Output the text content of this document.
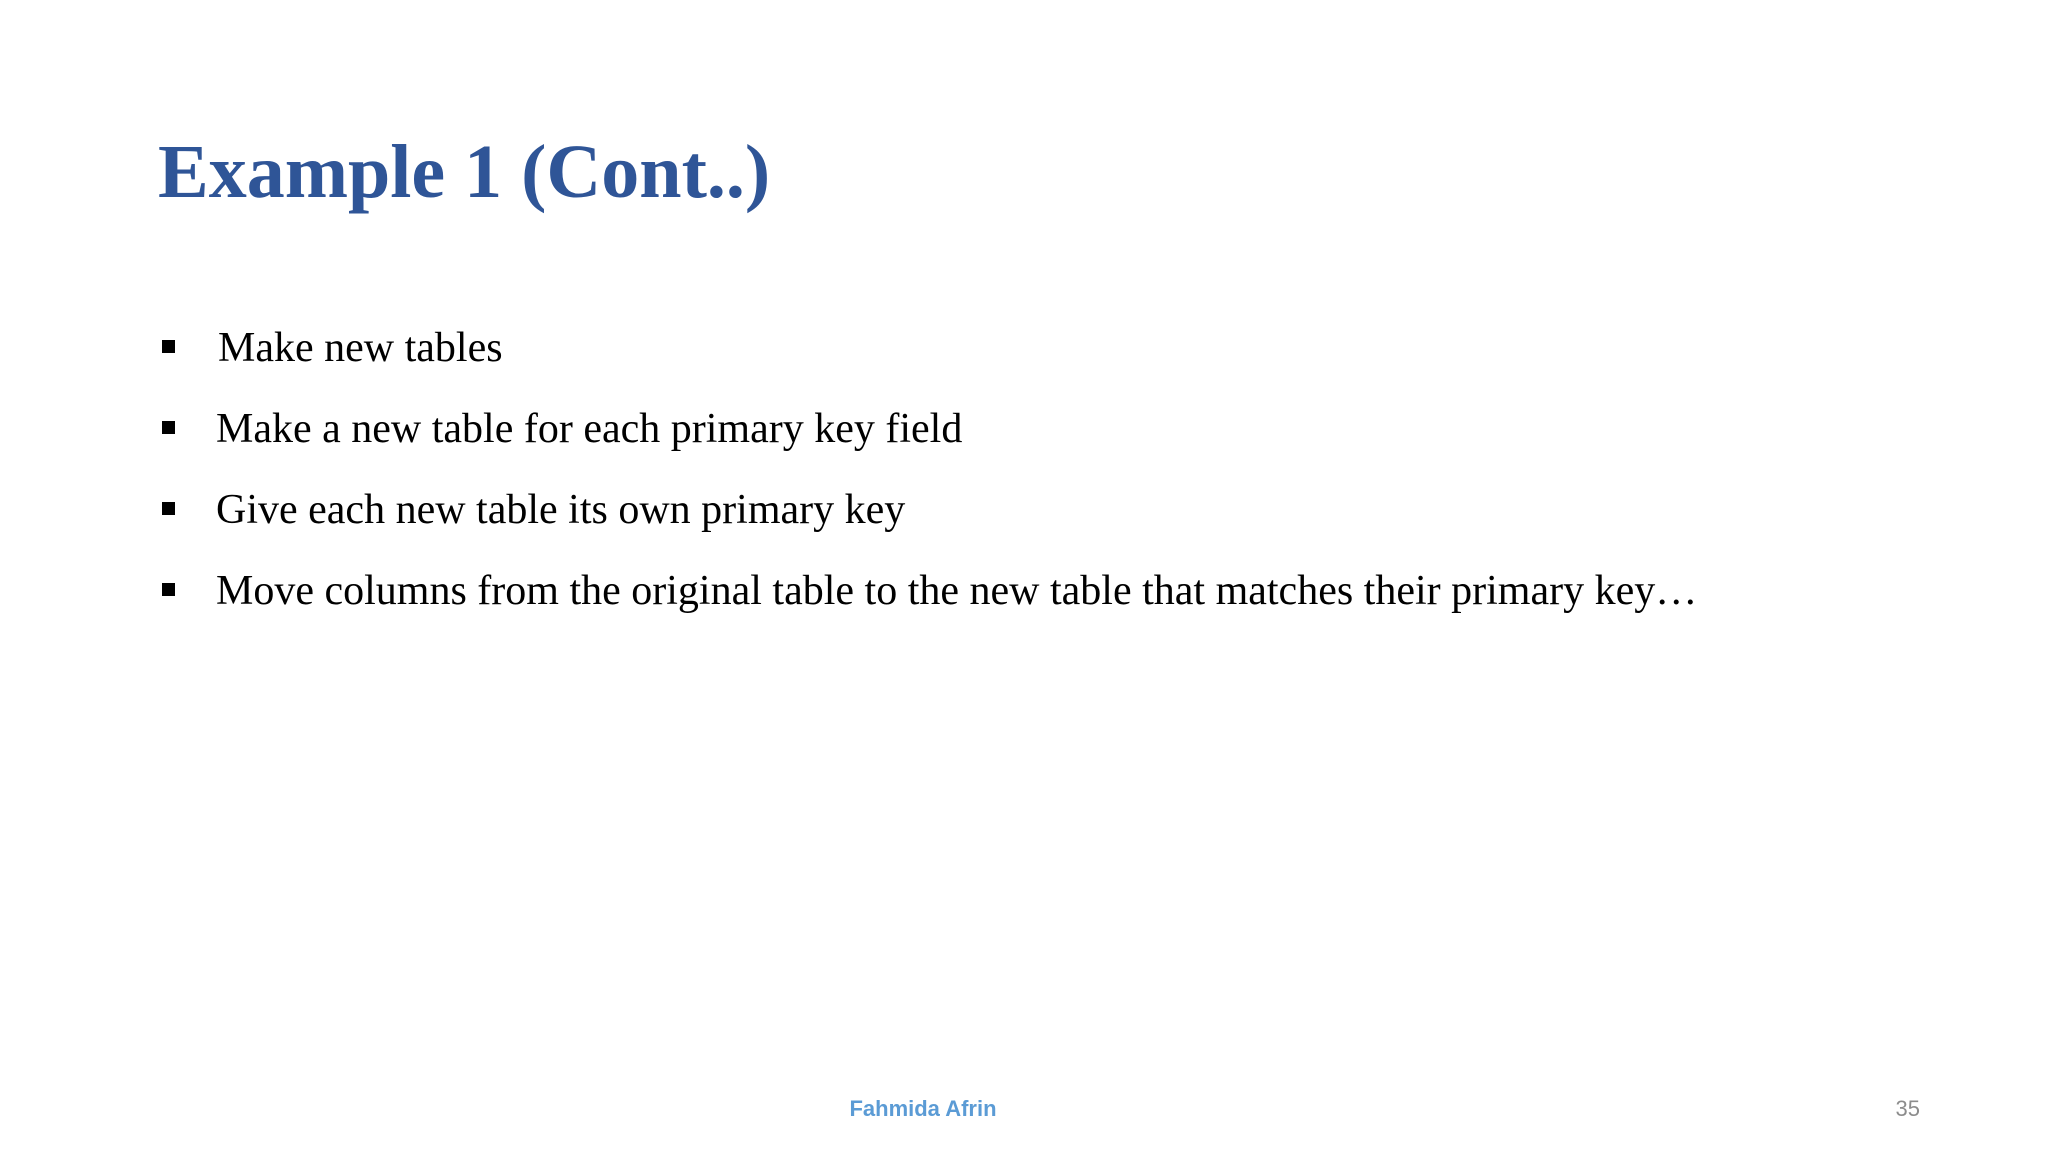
Example 1 (Cont..)
Make new tables
Make a new table for each primary key field
Give each new table its own primary key
Move columns from the original table to the new table that matches their primary key…
Fahmida Afrin	35
